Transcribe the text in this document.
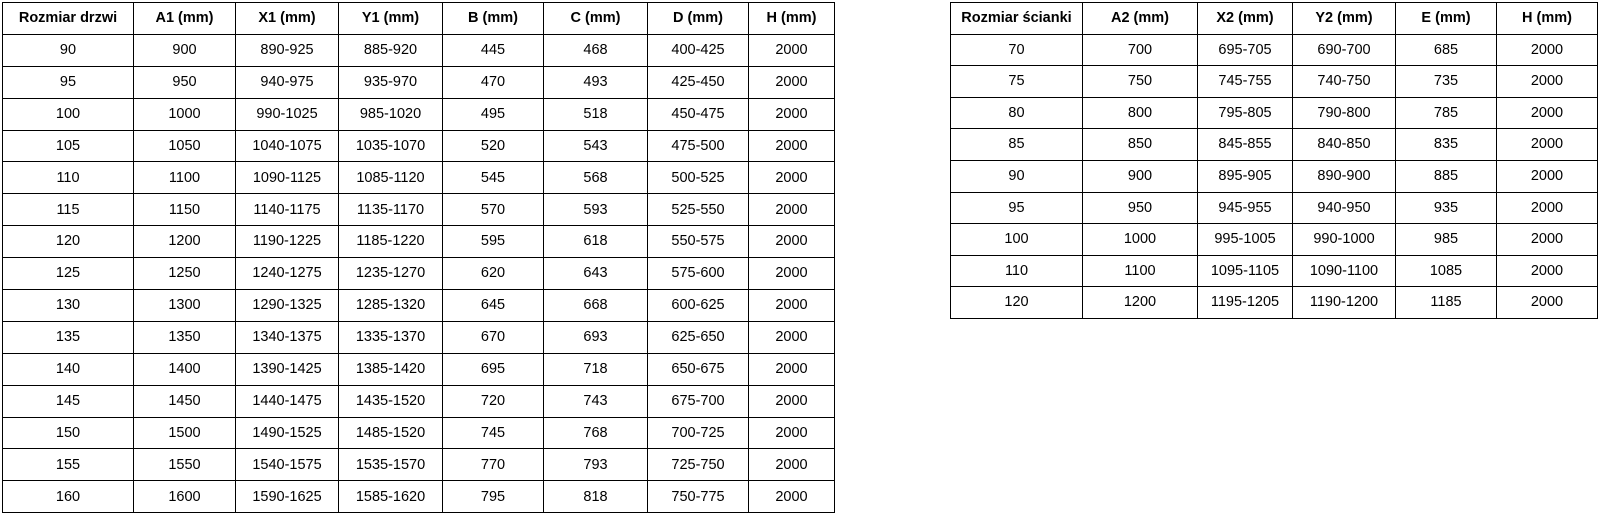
Rozmiar drzwi	A1 (mm)	X1 (mm)	Y1 (mm)	B (mm)	C (mm)	D (mm)	H (mm)
90	900	890-925	885-920	445	468	400-425	2000
95	950	940-975	935-970	470	493	425-450	2000
100	1000	990-1025	985-1020	495	518	450-475	2000
105	1050	1040-1075	1035-1070	520	543	475-500	2000
110	1100	1090-1125	1085-1120	545	568	500-525	2000
115	1150	1140-1175	1135-1170	570	593	525-550	2000
120	1200	1190-1225	1185-1220	595	618	550-575	2000
125	1250	1240-1275	1235-1270	620	643	575-600	2000
130	1300	1290-1325	1285-1320	645	668	600-625	2000
135	1350	1340-1375	1335-1370	670	693	625-650	2000
140	1400	1390-1425	1385-1420	695	718	650-675	2000
145	1450	1440-1475	1435-1520	720	743	675-700	2000
150	1500	1490-1525	1485-1520	745	768	700-725	2000
155	1550	1540-1575	1535-1570	770	793	725-750	2000
160	1600	1590-1625	1585-1620	795	818	750-775	2000
Rozmiar ścianki	A2 (mm)	X2 (mm)	Y2 (mm)	E (mm)	H (mm)
70	700	695-705	690-700	685	2000
75	750	745-755	740-750	735	2000
80	800	795-805	790-800	785	2000
85	850	845-855	840-850	835	2000
90	900	895-905	890-900	885	2000
95	950	945-955	940-950	935	2000
100	1000	995-1005	990-1000	985	2000
110	1100	1095-1105	1090-1100	1085	2000
120	1200	1195-1205	1190-1200	1185	2000
